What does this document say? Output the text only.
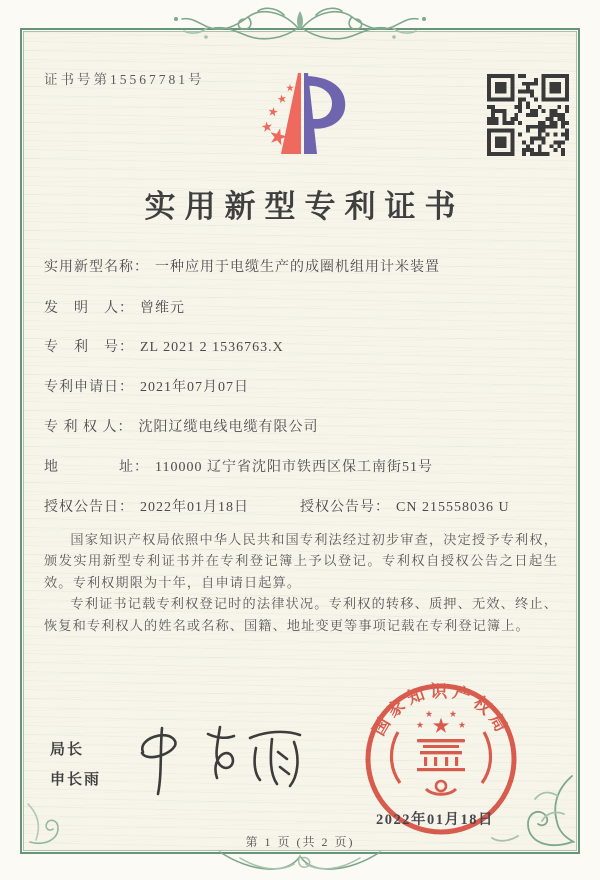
证书号第15567781号
实用新型专利证书
实用新型名称： 一种应用于电缆生产的成圈机组用计米装置
发　明　人： 曾维元
专　利　号： ZL 2021 2 1536763.X
专利申请日： 2021年07月07日
专 利 权 人： 沈阳辽缆电线电缆有限公司
地　　　　址： 110000 辽宁省沈阳市铁西区保工南街51号
授权公告日： 2022年01月18日	授权公告号： CN 215558036 U

国家知识产权局依照中华人民共和国专利法经过初步审查，决定授予专利权，颁发实用新型专利证书并在专利登记簿上予以登记。专利权自授权公告之日起生效。专利权期限为十年，自申请日起算。

专利证书记载专利权登记时的法律状况。专利权的转移、质押、无效、终止、恢复和专利权人的姓名或名称、国籍、地址变更等事项记载在专利登记簿上。

局长
申长雨
国家知识产权局
2022年01月18日
第 1 页 (共 2 页)
